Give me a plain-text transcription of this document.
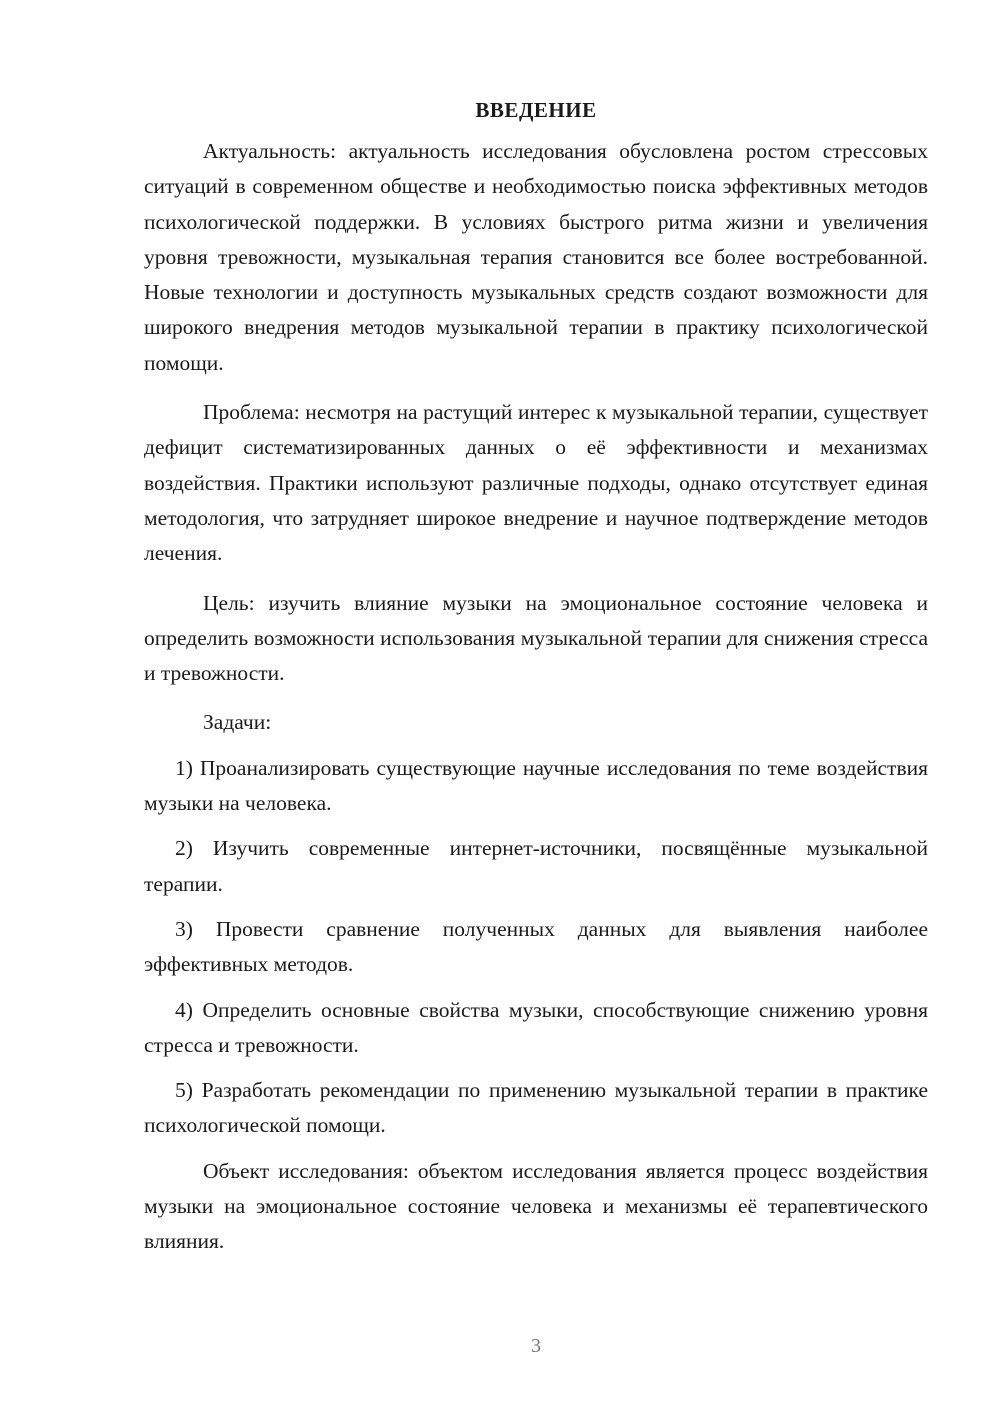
ВВЕДЕНИЕ

Актуальность: актуальность исследования обусловлена ростом стрессовых ситуаций в современном обществе и необходимостью поиска эффективных методов психологической поддержки. В условиях быстрого ритма жизни и увеличения уровня тревожности, музыкальная терапия становится все более востребованной. Новые технологии и доступность музыкальных средств создают возможности для широкого внедрения методов музыкальной терапии в практику психологической помощи.

Проблема: несмотря на растущий интерес к музыкальной терапии, существует дефицит систематизированных данных о её эффективности и механизмах воздействия. Практики используют различные подходы, однако отсутствует единая методология, что затрудняет широкое внедрение и научное подтверждение методов лечения.

Цель: изучить влияние музыки на эмоциональное состояние человека и определить возможности использования музыкальной терапии для снижения стресса и тревожности.

Задачи:

1) Проанализировать существующие научные исследования по теме воздействия музыки на человека.

2) Изучить современные интернет-источники, посвящённые музыкальной терапии.

3) Провести сравнение полученных данных для выявления наиболее эффективных методов.

4) Определить основные свойства музыки, способствующие снижению уровня стресса и тревожности.

5) Разработать рекомендации по применению музыкальной терапии в практике психологической помощи.

Объект исследования: объектом исследования является процесс воздействия музыки на эмоциональное состояние человека и механизмы её терапевтического влияния.

3
